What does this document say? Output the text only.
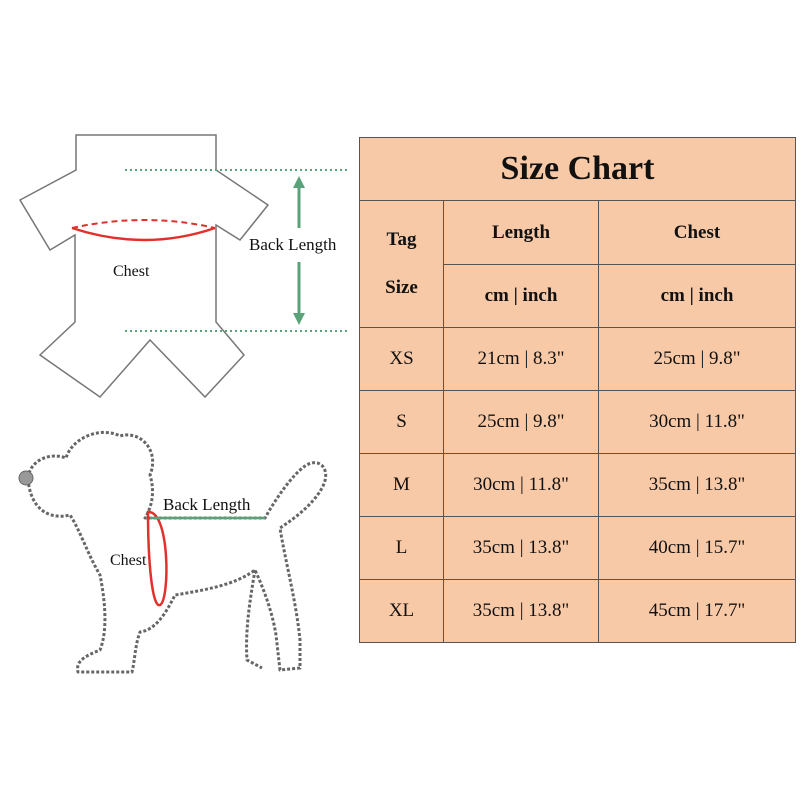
Chest
Back Length
Chest
Back Length
Size Chart		

Tag
Size	Length	Chest
	cm | inch	cm | inch
XS	21cm | 8.3"	25cm | 9.8"
S	25cm | 9.8"	30cm | 11.8"
M	30cm | 11.8"	35cm | 13.8"
L	35cm | 13.8"	40cm | 15.7"
XL	35cm | 13.8"	45cm | 17.7"
